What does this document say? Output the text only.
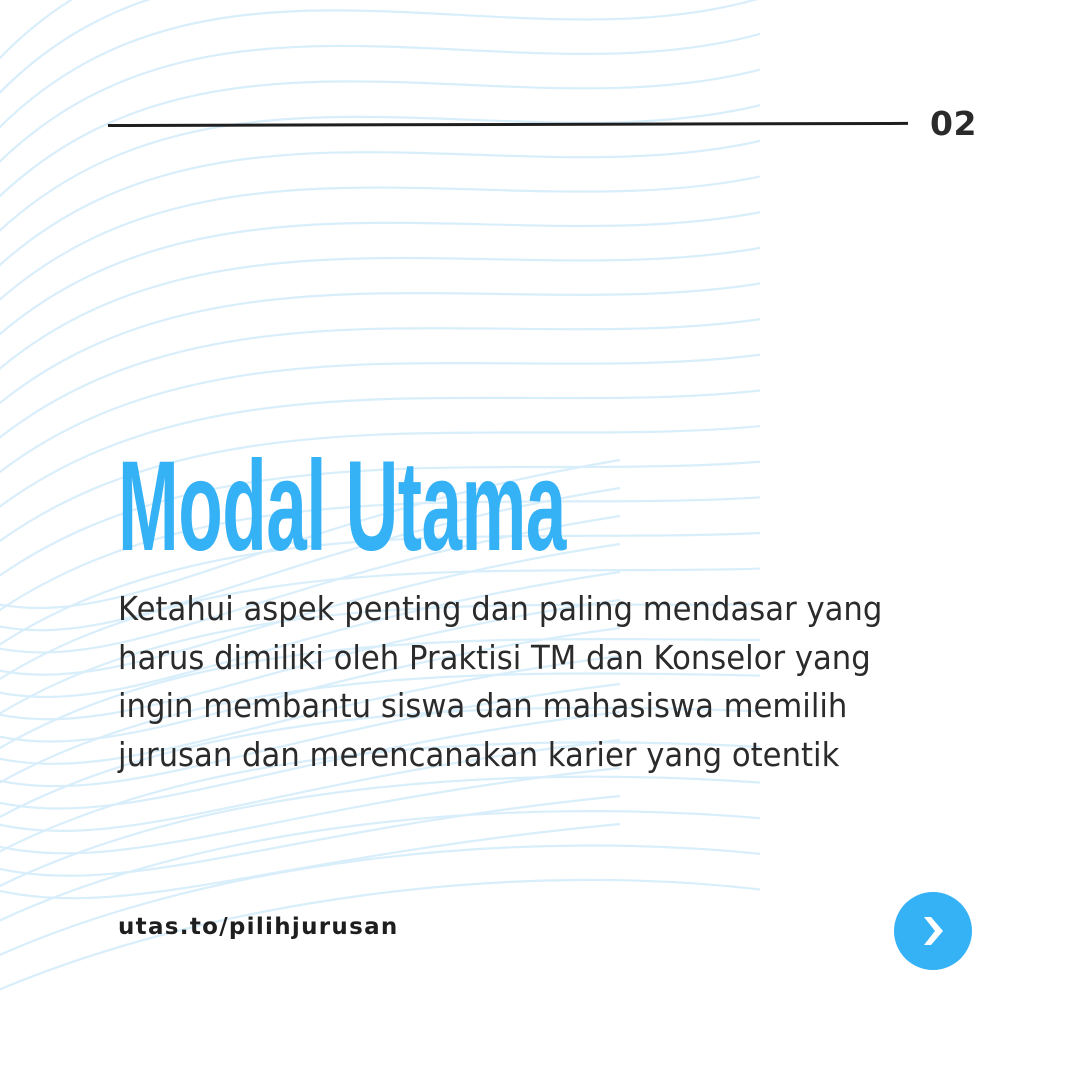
02
Modal Utama
Ketahui aspek penting dan paling mendasar yang
harus dimiliki oleh Praktisi TM dan Konselor yang
ingin membantu siswa dan mahasiswa memilih
jurusan dan merencanakan karier yang otentik
utas.to/pilihjurusan
